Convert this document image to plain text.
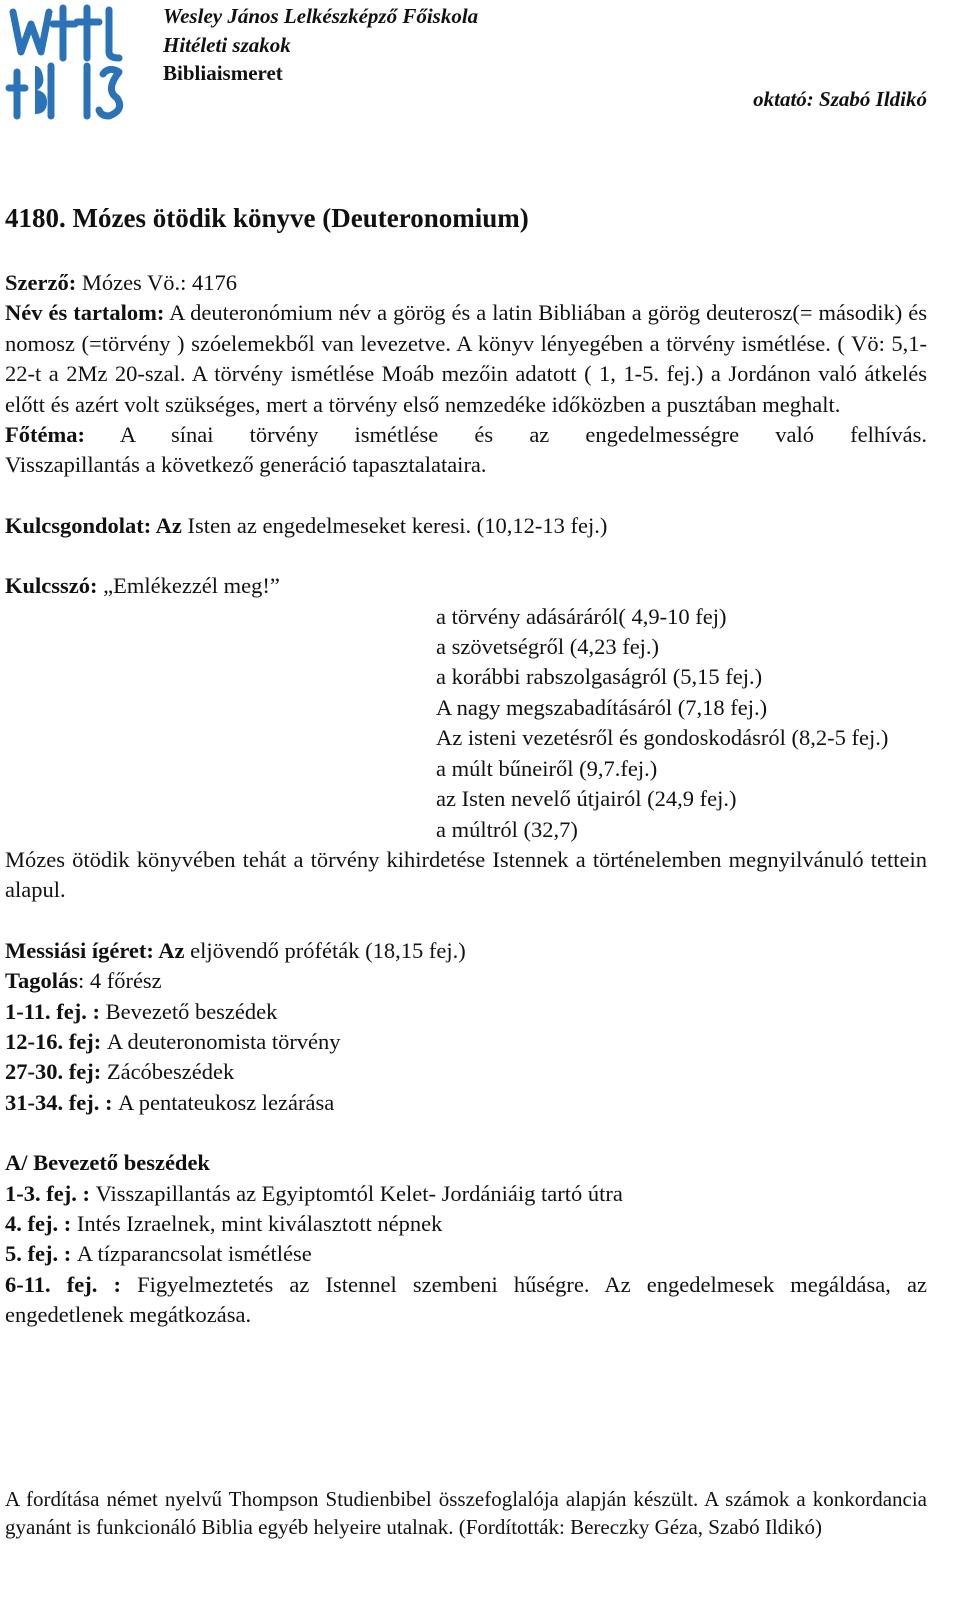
Wesley János Lelkészképző Főiskola
Hitéleti szakok
Bibliaismeret
oktató: Szabó Ildikó
4180. Mózes ötödik könyve (Deuteronomium)

Szerző: Mózes Vö.: 4176

Név és tartalom: A deuteronómium név a görög és a latin Bibliában a görög deuterosz(= második) és nomosz (=törvény ) szóelemekből van levezetve. A könyv lényegében a törvény ismétlése. ( Vö: 5,1-22-t a 2Mz 20-szal. A törvény ismétlése Moáb mezőin adatott ( 1, 1-5. fej.) a Jordánon való átkelés előtt és azért volt szükséges, mert a törvény első nemzedéke időközben a pusztában meghalt.

Főtéma: A sínai törvény ismétlése és az engedelmességre való felhívás.

Visszapillantás a következő generáció tapasztalataira.

Kulcsgondolat: Az Isten az engedelmeseket keresi. (10,12-13 fej.)

Kulcsszó: „Emlékezzél meg!”

a törvény adásáráról( 4,9-10 fej)

a szövetségről (4,23 fej.)

a korábbi rabszolgaságról (5,15 fej.)

A nagy megszabadításáról (7,18 fej.)

Az isteni vezetésről és gondoskodásról (8,2-5 fej.)

a múlt bűneiről (9,7.fej.)

az Isten nevelő útjairól (24,9 fej.)

a múltról (32,7)

Mózes ötödik könyvében tehát a törvény kihirdetése Istennek a történelemben megnyilvánuló tettein alapul.

Messiási ígéret: Az eljövendő próféták (18,15 fej.)

Tagolás: 4 főrész

1-11. fej. : Bevezető beszédek

12-16. fej: A deuteronomista törvény

27-30. fej: Zácóbeszédek

31-34. fej. : A pentateukosz lezárása

A/ Bevezető beszédek

1-3. fej. : Visszapillantás az Egyiptomtól Kelet- Jordániáig tartó útra

4. fej. : Intés Izraelnek, mint kiválasztott népnek

5. fej. : A tízparancsolat ismétlése

6-11. fej. : Figyelmeztetés az Istennel szembeni hűségre. Az engedelmesek megáldása, az engedetlenek megátkozása.

A fordítása német nyelvű Thompson Studienbibel összefoglalója alapján készült. A számok a konkordancia gyanánt is funkcionáló Biblia egyéb helyeire utalnak. (Fordították: Bereczky Géza, Szabó Ildikó)
